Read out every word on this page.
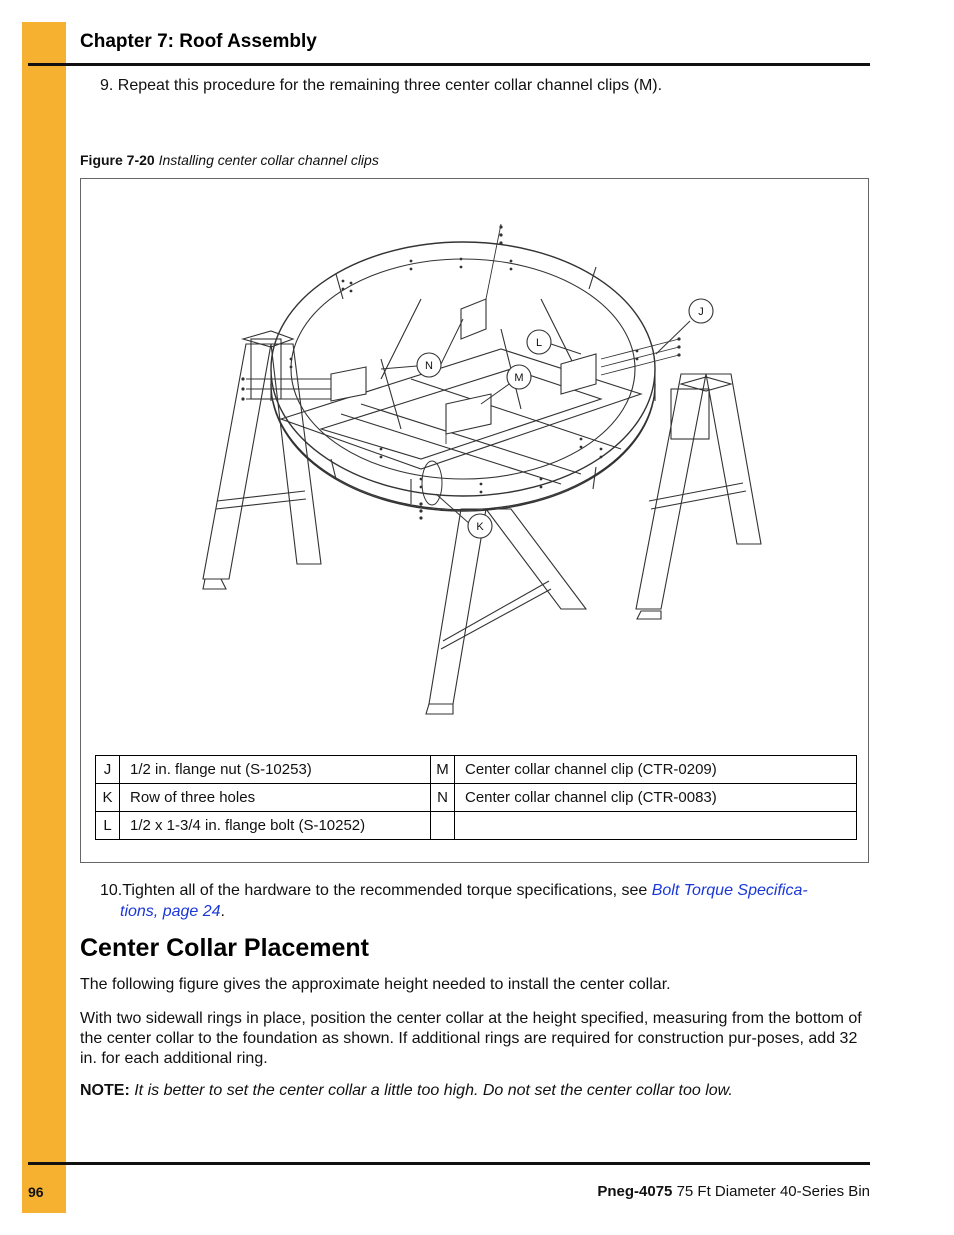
Chapter 7: Roof Assembly
9. Repeat this procedure for the remaining three center collar channel clips (M).
Figure 7-20 Installing center collar channel clips
J
L
M
N
K
J	1/2 in. flange nut (S-10253)	M	Center collar channel clip (CTR-0209)
K	Row of three holes	N	Center collar channel clip (CTR-0083)
L	1/2 x 1-3/4 in. flange bolt (S-10252)		
10.Tighten all of the hardware to the recommended torque specifications, see Bolt Torque Specifica-
tions, page 24.
Center Collar Placement
The following figure gives the approximate height needed to install the center collar.
With two sidewall rings in place, position the center collar at the height specified, measuring from the bottom of the center collar to the foundation as shown. If additional rings are required for construction pur-poses, add 32 in. for each additional ring.
NOTE: It is better to set the center collar a little too high. Do not set the center collar too low.
96	Pneg-4075 75 Ft Diameter 40-Series Bin
